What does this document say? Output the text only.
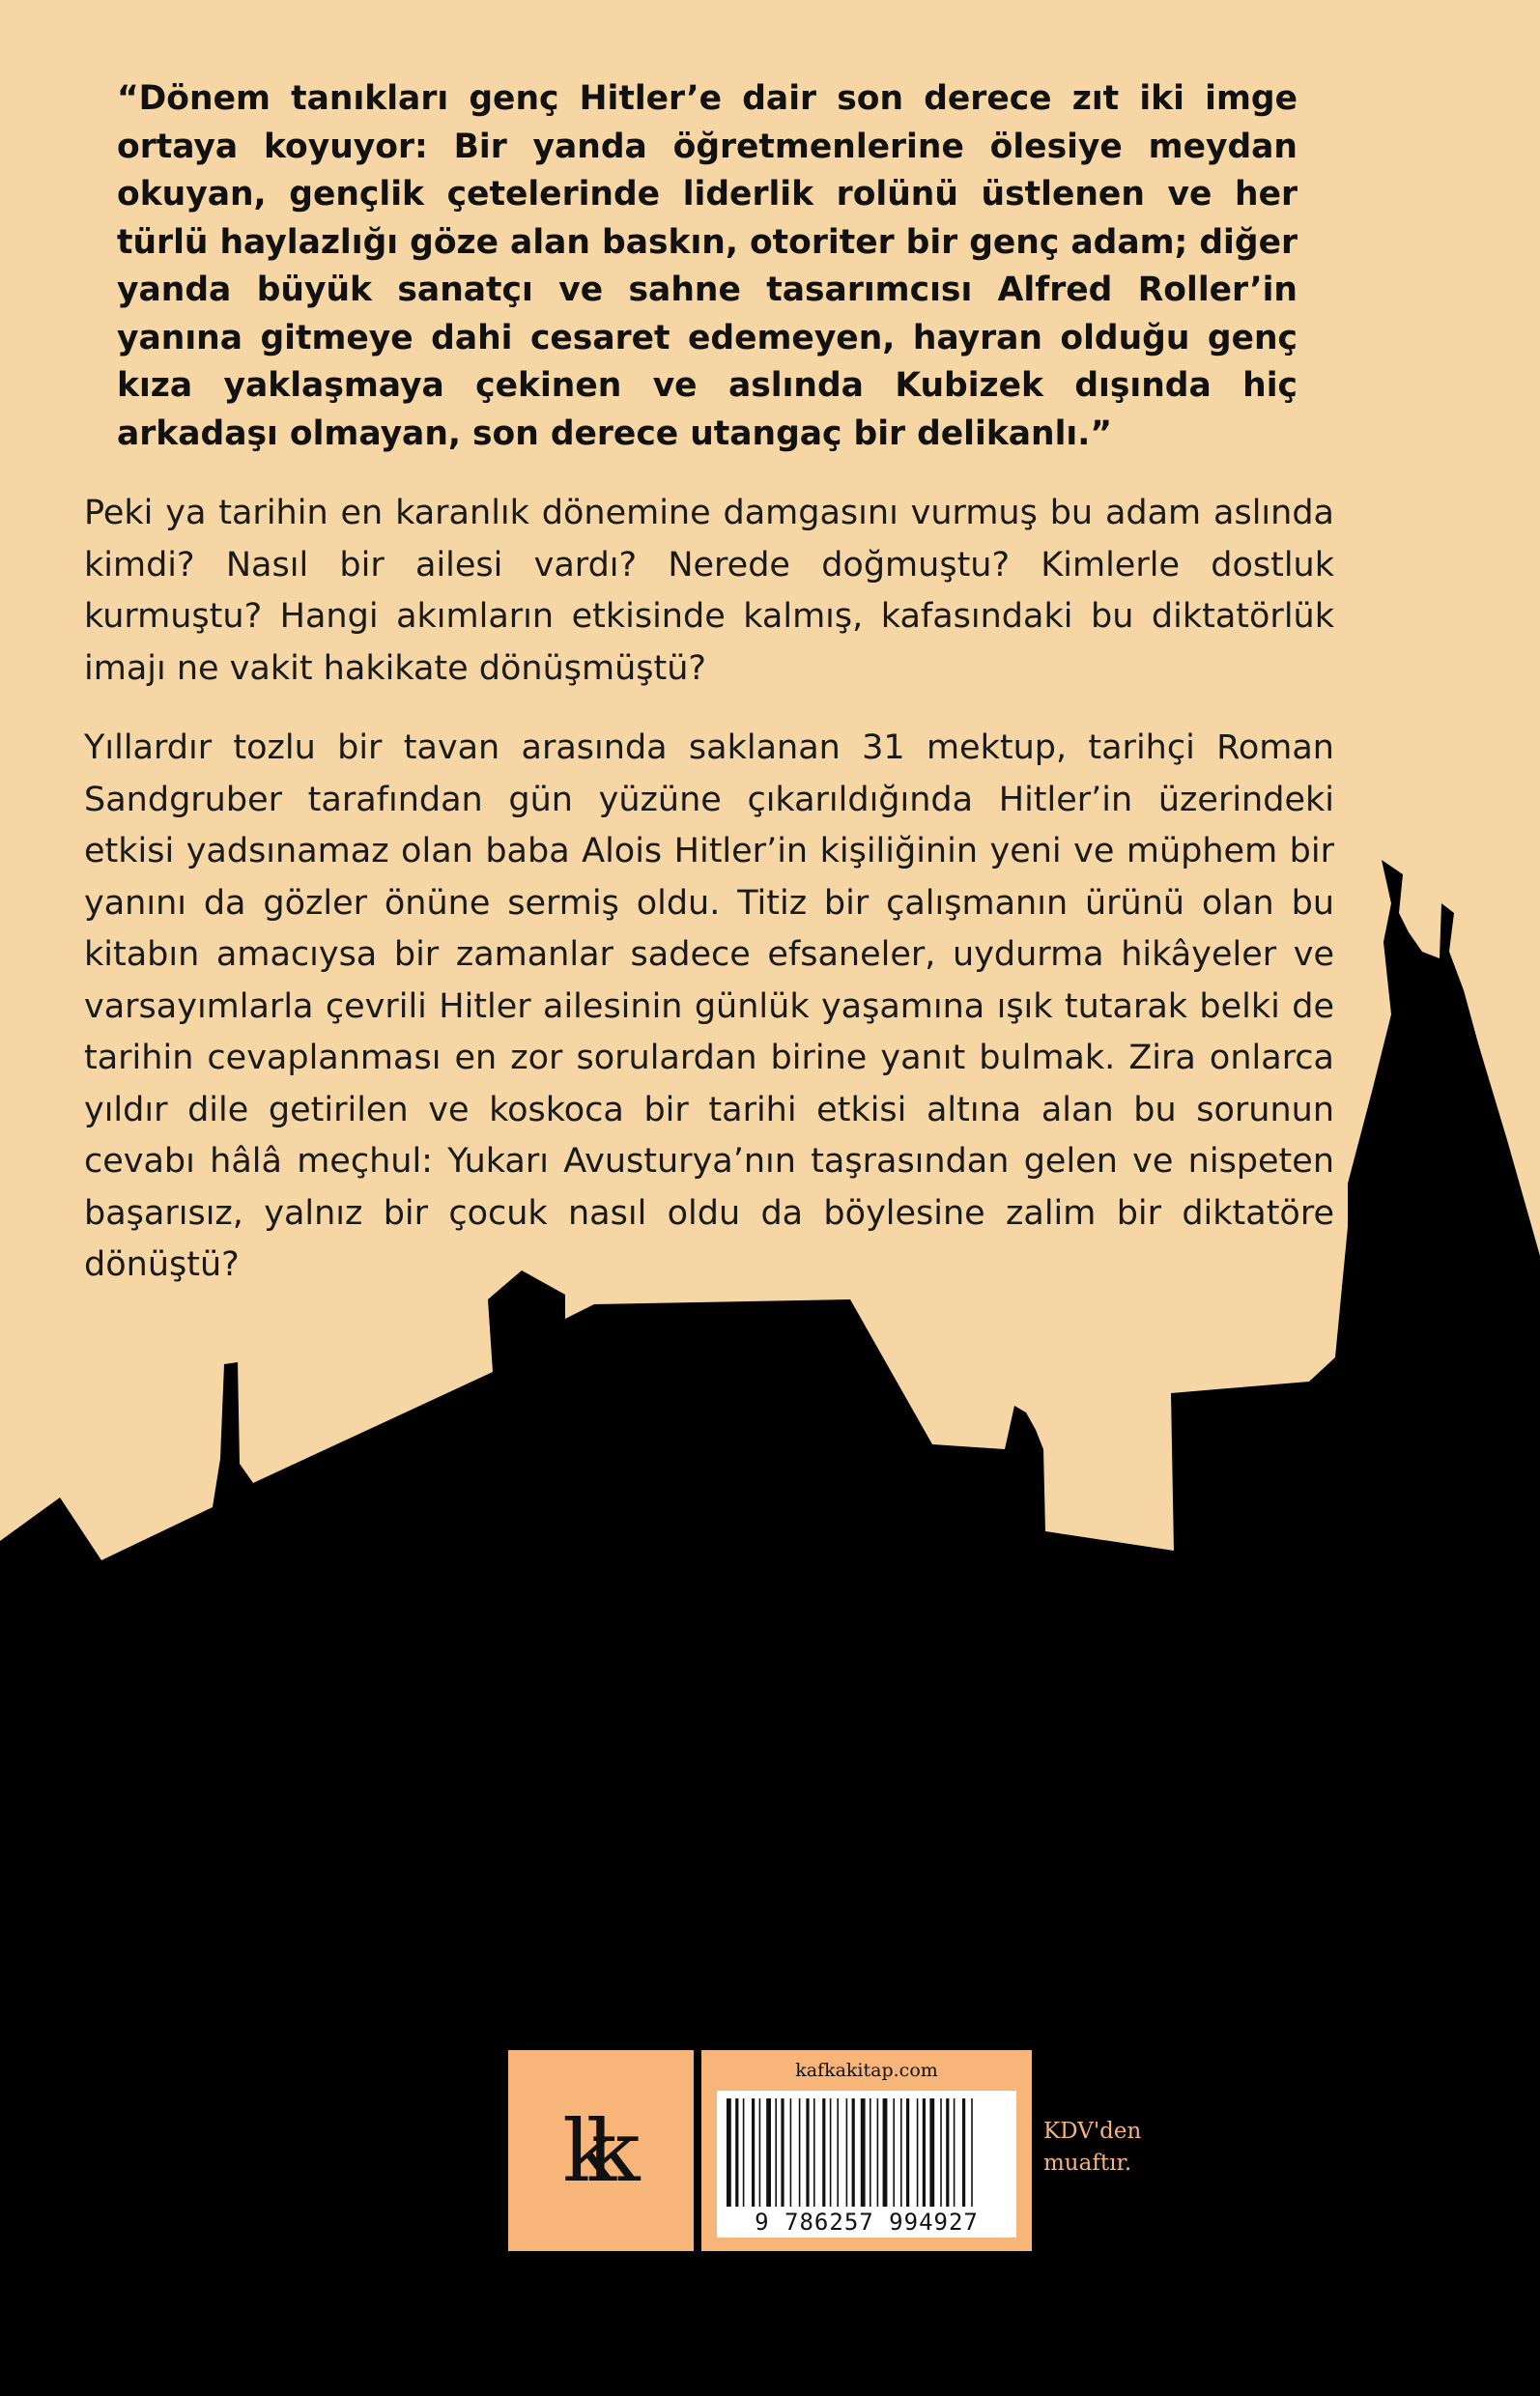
“Dönem tanıkları genç Hitler’e dair son derece zıt iki imge ortaya koyuyor: Bir yanda öğretmenlerine ölesiye meydan okuyan, gençlik çetelerinde liderlik rolünü üstlenen ve her türlü haylazlığı göze alan baskın, otoriter bir genç adam; diğer yanda büyük sanatçı ve sahne tasarımcısı Alfred Roller’in yanına gitmeye dahi cesaret edemeyen, hayran olduğu genç kıza yaklaşmaya çekinen ve aslında Kubizek dışında hiç arkadaşı olmayan, son derece utangaç bir delikanlı.”

Peki ya tarihin en karanlık dönemine damgasını vurmuş bu adam aslında kimdi? Nasıl bir ailesi vardı? Nerede doğmuştu? Kimlerle dostluk kurmuştu? Hangi akımların etkisinde kalmış, kafasındaki bu diktatörlük imajı ne vakit hakikate dönüşmüştü?

Yıllardır tozlu bir tavan arasında saklanan 31 mektup, tarihçi Roman Sandgruber tarafından gün yüzüne çıkarıldığında Hitler’in üzerindeki etkisi yadsınamaz olan baba Alois Hitler’in kişiliğinin yeni ve müphem bir yanını da gözler önüne sermiş oldu. Titiz bir çalışmanın ürünü olan bu kitabın amacıysa bir zamanlar sadece efsaneler, uydurma hikâyeler ve varsayımlarla çevrili Hitler ailesinin günlük yaşamına ışık tutarak belki de tarihin cevaplanması en zor sorulardan birine yanıt bulmak. Zira onlarca yıldır dile getirilen ve koskoca bir tarihi etkisi altına alan bu sorunun cevabı hâlâ meçhul: Yukarı Avusturya’nın taşrasından gelen ve nispeten başarısız, yalnız bir çocuk nasıl oldu da böylesine zalim bir diktatöre dönüştü?

kk
kafkakitap.com
9 786257 994927
KDV'den
muaftır.
